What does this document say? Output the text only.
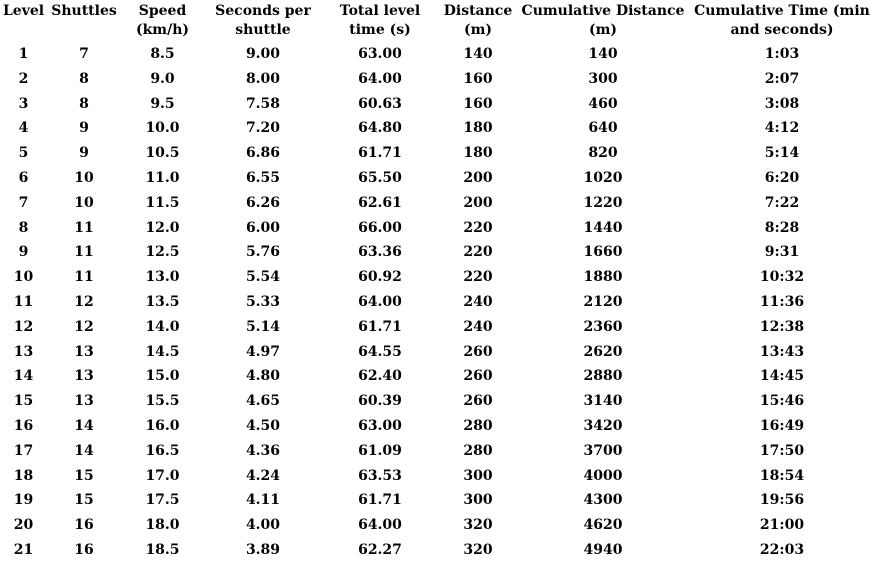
Level	Shuttles	Speed (km/h)	Seconds per shuttle	Total level time (s)	Distance (m)	Cumulative Distance (m)	Cumulative Time (min and seconds)
1	7	8.5	9.00	63.00	140	140	1:03
2	8	9.0	8.00	64.00	160	300	2:07
3	8	9.5	7.58	60.63	160	460	3:08
4	9	10.0	7.20	64.80	180	640	4:12
5	9	10.5	6.86	61.71	180	820	5:14
6	10	11.0	6.55	65.50	200	1020	6:20
7	10	11.5	6.26	62.61	200	1220	7:22
8	11	12.0	6.00	66.00	220	1440	8:28
9	11	12.5	5.76	63.36	220	1660	9:31
10	11	13.0	5.54	60.92	220	1880	10:32
11	12	13.5	5.33	64.00	240	2120	11:36
12	12	14.0	5.14	61.71	240	2360	12:38
13	13	14.5	4.97	64.55	260	2620	13:43
14	13	15.0	4.80	62.40	260	2880	14:45
15	13	15.5	4.65	60.39	260	3140	15:46
16	14	16.0	4.50	63.00	280	3420	16:49
17	14	16.5	4.36	61.09	280	3700	17:50
18	15	17.0	4.24	63.53	300	4000	18:54
19	15	17.5	4.11	61.71	300	4300	19:56
20	16	18.0	4.00	64.00	320	4620	21:00
21	16	18.5	3.89	62.27	320	4940	22:03
